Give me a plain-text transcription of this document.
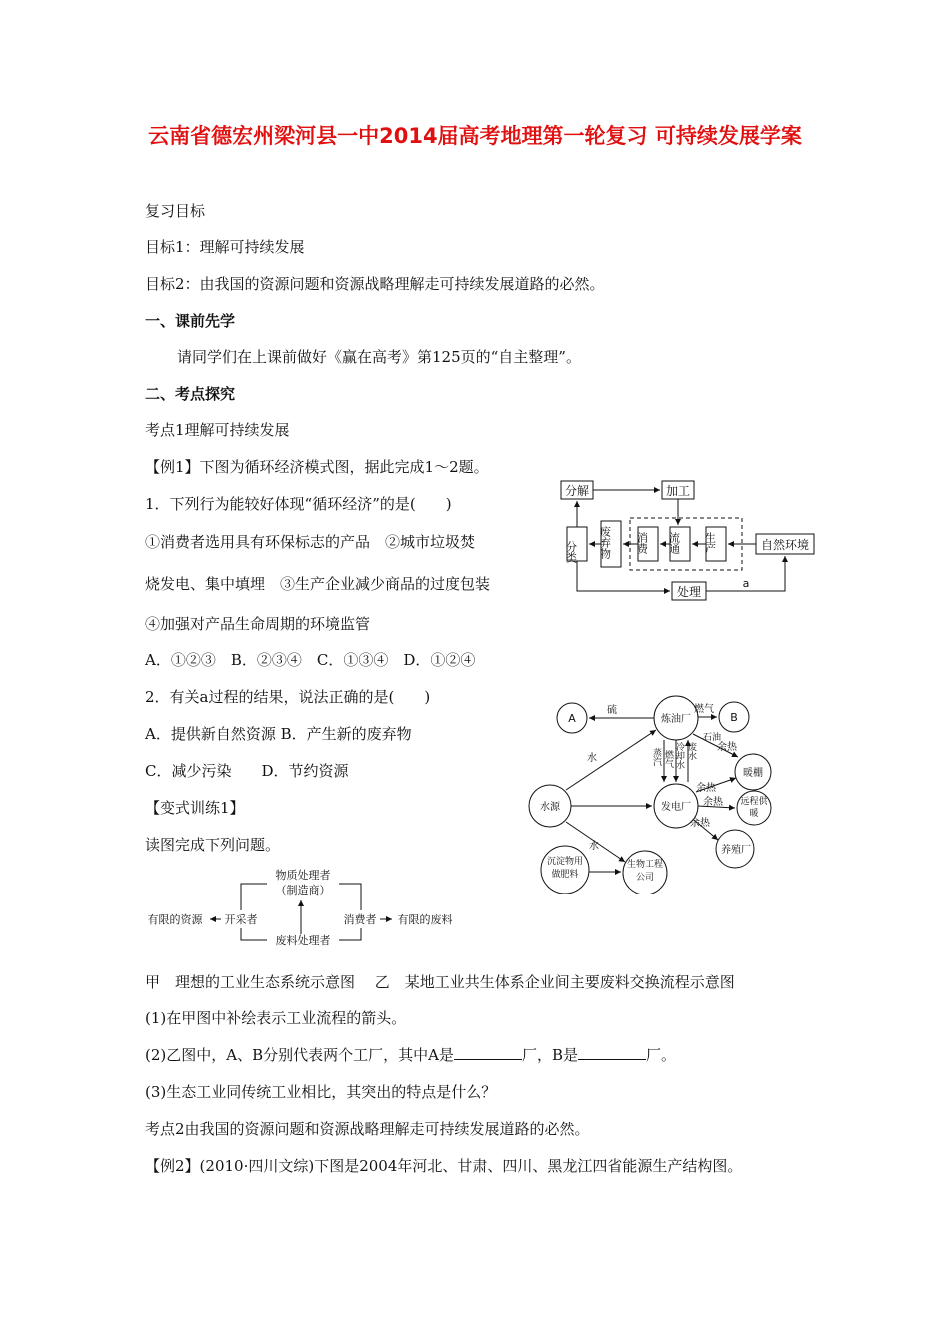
云南省德宏州梁河县一中2014届高考地理第一轮复习 可持续发展学案
复习目标
目标1：理解可持续发展
目标2：由我国的资源问题和资源战略理解走可持续发展道路的必然。
一、课前先学
请同学们在上课前做好《赢在高考》第125页的“自主整理”。
二、考点探究
考点1理解可持续发展
【例1】下图为循环经济模式图，据此完成1～2题。
1．下列行为能较好体现“循环经济”的是(　　)
①消费者选用具有环保标志的产品　②城市垃圾焚
烧发电、集中填埋　③生产企业减少商品的过度包装
④加强对产品生命周期的环境监管
A．①②③　B．②③④　C．①③④　D．①②④
2．有关a过程的结果，说法正确的是(　　)
A．提供新自然资源 B．产生新的废弃物
C．减少污染　　D．节约资源
【变式训练1】
读图完成下列问题。
甲　理想的工业生态系统示意图　 乙　某地工业共生体系企业间主要废料交换流程示意图
(1)在甲图中补绘表示工业流程的箭头。
(2)乙图中，A、B分别代表两个工厂，其中A是	厂，B是	厂。
(3)生态工业同传统工业相比，其突出的特点是什么？
考点2由我国的资源问题和资源战略理解走可持续发展道路的必然。
【例2】(2010·四川文综)下图是2004年河北、甘肃、四川、黑龙江四省能源生产结构图。
分解	加工
自然环境
处理
a
分类 废弃物 消费 流通 生产
A	B
炼油厂
暖棚
水源	发电厂
养殖厂
硫	燃气
水
水
余热
余热
余热
余热
石油
蒸汽 燃气 冷却水 废水
远程供暖
沉淀物用做肥料
生物工程公司
物质处理者
（制造商）
有限的资源 开采者	消费者 有限的废料
废料处理者
